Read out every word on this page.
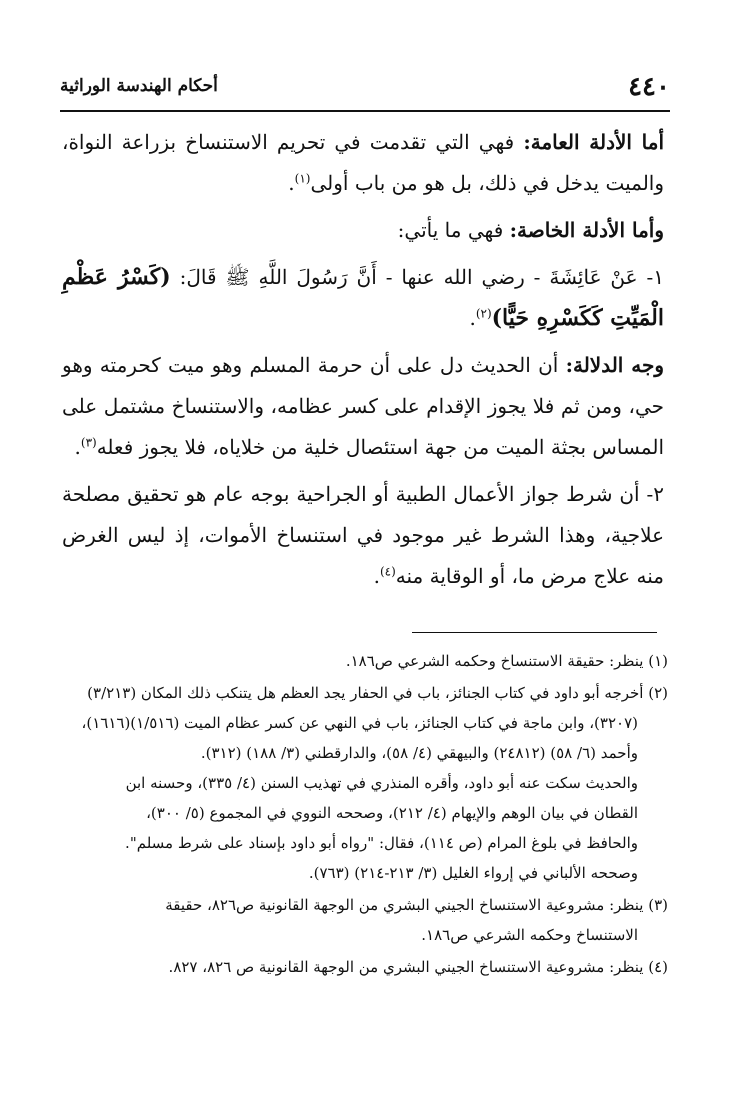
٤٤٠
أحكام الهندسة الوراثية

أما الأدلة العامة: فهي التي تقدمت في تحريم الاستنساخ بزراعة النواة، والميت يدخل في ذلك، بل هو من باب أولى$^{(١)}$.

وأما الأدلة الخاصة: فهي ما يأتي:

١- عَنْ عَائِشَةَ - رضي الله عنها - أَنَّ رَسُولَ اللَّهِ ﷺ قَالَ: (كَسْرُ عَظْمِ الْمَيِّتِ كَكَسْرِهِ حَيًّا)$^{(٢)}$.

وجه الدلالة: أن الحديث دل على أن حرمة المسلم وهو ميت كحرمته وهو حي، ومن ثم فلا يجوز الإقدام على كسر عظامه، والاستنساخ مشتمل على المساس بجثة الميت من جهة استئصال خلية من خلاياه، فلا يجوز فعله$^{(٣)}$.

٢- أن شرط جواز الأعمال الطبية أو الجراحية بوجه عام هو تحقيق مصلحة علاجية، وهذا الشرط غير موجود في استنساخ الأموات، إذ ليس الغرض منه علاج مرض ما، أو الوقاية منه$^{(٤)}$.

(١) ينظر: حقيقة الاستنساخ وحكمه الشرعي ص١٨٦.

(٢) أخرجه أبو داود في كتاب الجنائز، باب في الحفار يجد العظم هل يتنكب ذلك المكان (٣/٢١٣)

(٣٢٠٧)، وابن ماجة في كتاب الجنائز، باب في النهي عن كسر عظام الميت (١/٥١٦)(١٦١٦)،

وأحمد (٦/ ٥٨) (٢٤٨١٢) والبيهقي (٤/ ٥٨)، والدارقطني (٣/ ١٨٨) (٣١٢).

والحديث سكت عنه أبو داود، وأقره المنذري في تهذيب السنن (٤/ ٣٣٥)، وحسنه ابن

القطان في بيان الوهم والإيهام (٤/ ٢١٢)، وصححه النووي في المجموع (٥/ ٣٠٠)،

والحافظ في بلوغ المرام (ص ١١٤)، فقال: "رواه أبو داود بإسناد على شرط مسلم".

وصححه الألباني في إرواء الغليل (٣/ ٢١٣-٢١٤) (٧٦٣).

(٣) ينظر: مشروعية الاستنساخ الجيني البشري من الوجهة القانونية ص٨٢٦، حقيقة

الاستنساخ وحكمه الشرعي ص١٨٦.

(٤) ينظر: مشروعية الاستنساخ الجيني البشري من الوجهة القانونية ص ٨٢٦، ٨٢٧.
